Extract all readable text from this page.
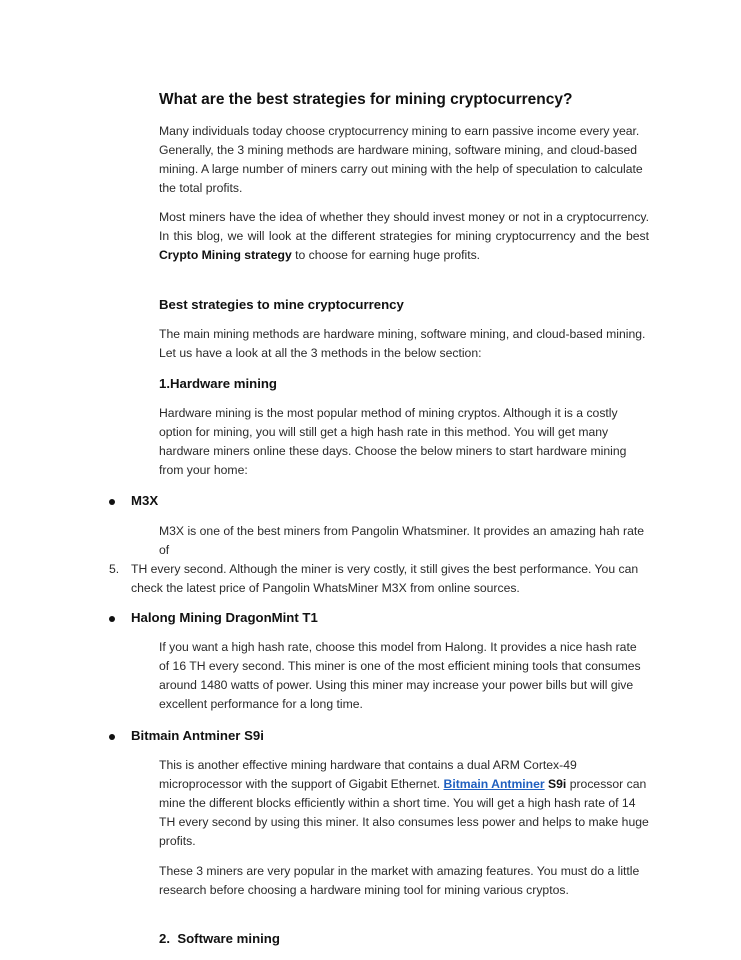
What are the best strategies for mining cryptocurrency?

Many individuals today choose cryptocurrency mining to earn passive income every year. Generally, the 3 mining methods are hardware mining, software mining, and cloud-based mining. A large number of miners carry out mining with the help of speculation to calculate the total profits.

Most miners have the idea of whether they should invest money or not in a cryptocurrency. In this blog, we will look at the different strategies for mining cryptocurrency and the best Crypto Mining strategy to choose for earning huge profits.

Best strategies to mine cryptocurrency

The main mining methods are hardware mining, software mining, and cloud-based mining. Let us have a look at all the 3 methods in the below section:

1.Hardware mining

Hardware mining is the most popular method of mining cryptos. Although it is a costly option for mining, you will still get a high hash rate in this method. You will get many hardware miners online these days. Choose the below miners to start hardware mining from your home:

M3X

M3X is one of the best miners from Pangolin Whatsminer. It provides an amazing hah rate of

5. TH every second. Although the miner is very costly, it still gives the best performance. You can check the latest price of Pangolin WhatsMiner M3X from online sources.
Halong Mining DragonMint T1

If you want a high hash rate, choose this model from Halong. It provides a nice hash rate of 16 TH every second. This miner is one of the most efficient mining tools that consumes around 1480 watts of power. Using this miner may increase your power bills but will give excellent performance for a long time.

Bitmain Antminer S9i

This is another effective mining hardware that contains a dual ARM Cortex-49 microprocessor with the support of Gigabit Ethernet. Bitmain Antminer S9i processor can mine the different blocks efficiently within a short time. You will get a high hash rate of 14 TH every second by using this miner. It also consumes less power and helps to make huge profits.

These 3 miners are very popular in the market with amazing features. You must do a little research before choosing a hardware mining tool for mining various cryptos.

2.  Software mining
